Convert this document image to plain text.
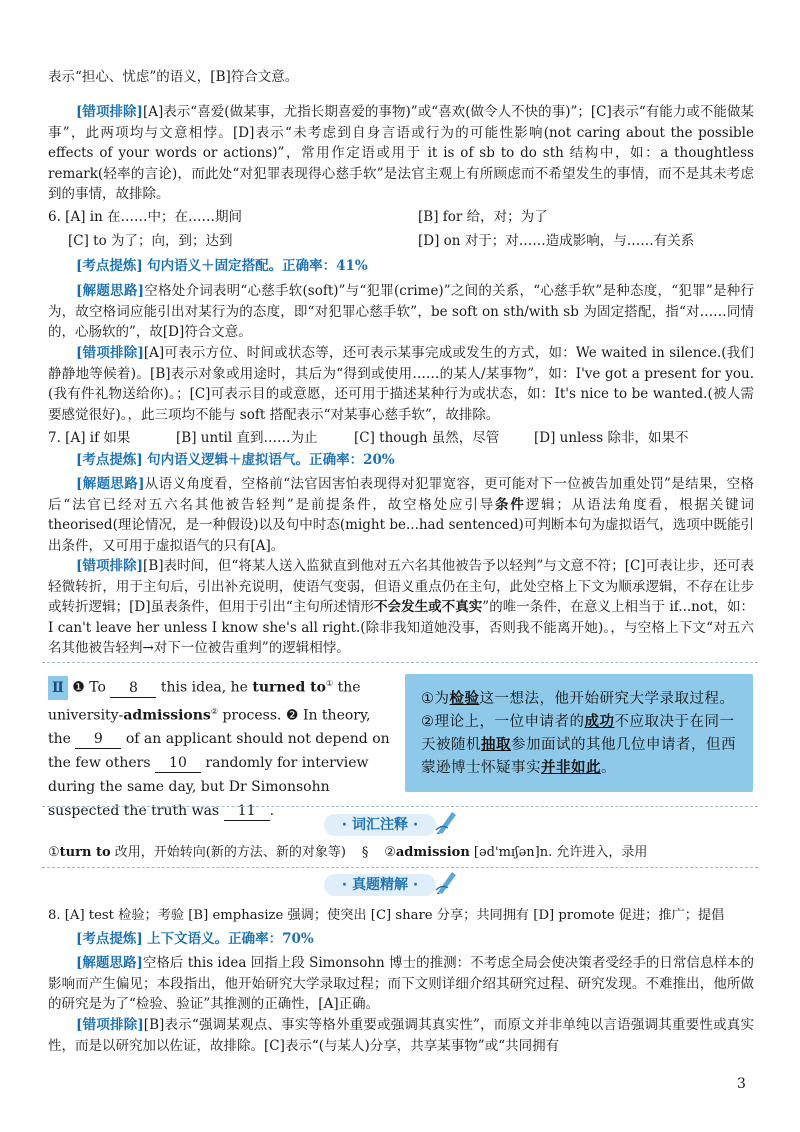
表示“担心、忧虑”的语义，[B]符合文意。

[错项排除][A]表示“喜爱(做某事，尤指长期喜爱的事物)”或“喜欢(做令人不快的事)”；[C]表示“有能力或不能做某事”，此两项均与文意相悖。[D]表示“未考虑到自身言语或行为的可能性影响(not caring about the possible effects of your words or actions)”，常用作定语或用于 it is of sb to do sth 结构中，如：a thoughtless remark(轻率的言论)，而此处“对犯罪表现得心慈手软”是法官主观上有所顾虑而不希望发生的事情，而不是其未考虑到的事情，故排除。

6. [A] in 在……中；在……期间	[B] for 给，对；为了
[C] to 为了；向，到；达到	[D] on 对于；对……造成影响，与……有关系

[考点提炼] 句内语义＋固定搭配。正确率：41%

[解题思路]空格处介词表明“心慈手软(soft)”与“犯罪(crime)”之间的关系，“心慈手软”是种态度，“犯罪”是种行为，故空格词应能引出对某行为的态度，即“对犯罪心慈手软”，be soft on sth/with sb 为固定搭配，指“对……同情的，心肠软的”，故[D]符合文意。

[错项排除][A]可表示方位、时间或状态等，还可表示某事完成或发生的方式，如：We waited in silence.(我们静静地等候着)。[B]表示对象或用途时，其后为“得到或使用……的某人/某事物”，如：I've got a present for you.(我有件礼物送给你)。；[C]可表示目的或意愿，还可用于描述某种行为或状态，如：It's nice to be wanted.(被人需要感觉很好)。，此三项均不能与 soft 搭配表示“对某事心慈手软”，故排除。

7. [A] if 如果	[B] until 直到……为止	[C] though 虽然，尽管	[D] unless 除非，如果不

[考点提炼] 句内语义逻辑＋虚拟语气。正确率：20%

[解题思路]从语义角度看，空格前“法官因害怕表现得对犯罪宽容，更可能对下一位被告加重处罚”是结果，空格后“法官已经对五六名其他被告轻判”是前提条件，故空格处应引导条件逻辑；从语法角度看，根据关键词 theorised(理论情况，是一种假设)以及句中时态(might be...had sentenced)可判断本句为虚拟语气，选项中既能引出条件，又可用于虚拟语气的只有[A]。

[错项排除][B]表时间，但“将某人送入监狱直到他对五六名其他被告予以轻判”与文意不符；[C]可表让步，还可表轻微转折，用于主句后，引出补充说明，使语气变弱，但语义重点仍在主句，此处空格上下文为顺承逻辑，不存在让步或转折逻辑；[D]虽表条件，但用于引出“主句所述情形不会发生或不真实”的唯一条件，在意义上相当于 if...not，如：I can't leave her unless I know she's all right.(除非我知道她没事，否则我不能离开她)。，与空格上下文“对五六名其他被告轻判→对下一位被告重判”的逻辑相悖。

Ⅱ ❶ To 8 this idea, he turned to① the university-admissions② process. ❷ In theory, the 9 of an applicant should not depend on the few others 10 randomly for interview during the same day, but Dr Simonsohn suspected the truth was 11 .
①为检验这一想法，他开始研究大学录取过程。②理论上，一位申请者的成功不应取决于在同一天被随机抽取参加面试的其他几位申请者，但西蒙逊博士怀疑事实并非如此。
· 词汇注释 ·
①turn to 改用，开始转向(新的方法、新的对象等) § ②admission [əd'mɪʃən]n. 允许进入，录用
· 真题精解 ·

8. [A] test 检验；考验 [B] emphasize 强调；使突出 [C] share 分享；共同拥有 [D] promote 促进；推广；提倡

[考点提炼] 上下文语义。正确率：70%

[解题思路]空格后 this idea 回指上段 Simonsohn 博士的推测：不考虑全局会使决策者受经手的日常信息样本的影响而产生偏见；本段指出，他开始研究大学录取过程；而下文则详细介绍其研究过程、研究发现。不难推出，他所做的研究是为了“检验、验证”其推测的正确性，[A]正确。

[错项排除][B]表示“强调某观点、事实等格外重要或强调其真实性”，而原文并非单纯以言语强调其重要性或真实性，而是以研究加以佐证，故排除。[C]表示“(与某人)分享，共享某事物”或“共同拥有

3
